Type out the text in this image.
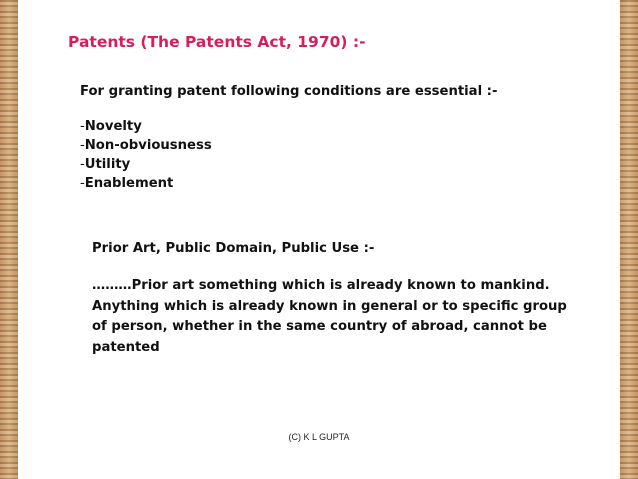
Patents (The Patents Act, 1970) :-
For granting patent following conditions are essential :-
-Novelty
-Non-obviousness
-Utility
-Enablement
Prior Art, Public Domain, Public Use :-
………Prior art something which is already known to mankind. Anything which is already known in general or to specific group of person, whether in the same country of abroad, cannot be patented
(C) K L GUPTA
